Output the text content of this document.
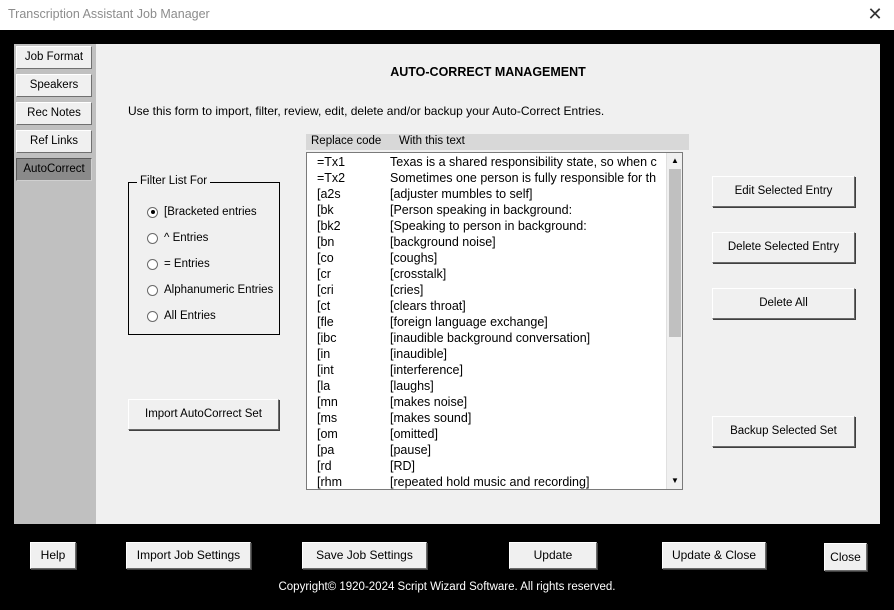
Transcription Assistant Job Manager	✕
Job Format
Speakers
Rec Notes
Ref Links
AutoCorrect
AUTO-CORRECT MANAGEMENT
Use this form to import, filter, review, edit, delete and/or backup your Auto-Correct Entries.
Filter List For
[Bracketed entries
^ Entries
= Entries
Alphanumeric Entries
All Entries
Import AutoCorrect Set
Replace code With this text
=Tx1	Texas is a shared responsibility state, so when c
=Tx2	Sometimes one person is fully responsible for th
[a2s	[adjuster mumbles to self]
[bk	[Person speaking in background:
[bk2	[Speaking to person in background:
[bn	[background noise]
[co	[coughs]
[cr	[crosstalk]
[cri	[cries]
[ct	[clears throat]
[fle	[foreign language exchange]
[ibc	[inaudible background conversation]
[in	[inaudible]
[int	[interference]
[la	[laughs]
[mn	[makes noise]
[ms	[makes sound]
[om	[omitted]
[pa	[pause]
[rd	[RD]
[rhm	[repeated hold music and recording]
▲
▼
Edit Selected Entry
Delete Selected Entry
Delete All
Backup Selected Set
Help	Import Job Settings	Save Job Settings	Update	Update & Close	Close
Copyright© 1920-2024 Script Wizard Software. All rights reserved.
